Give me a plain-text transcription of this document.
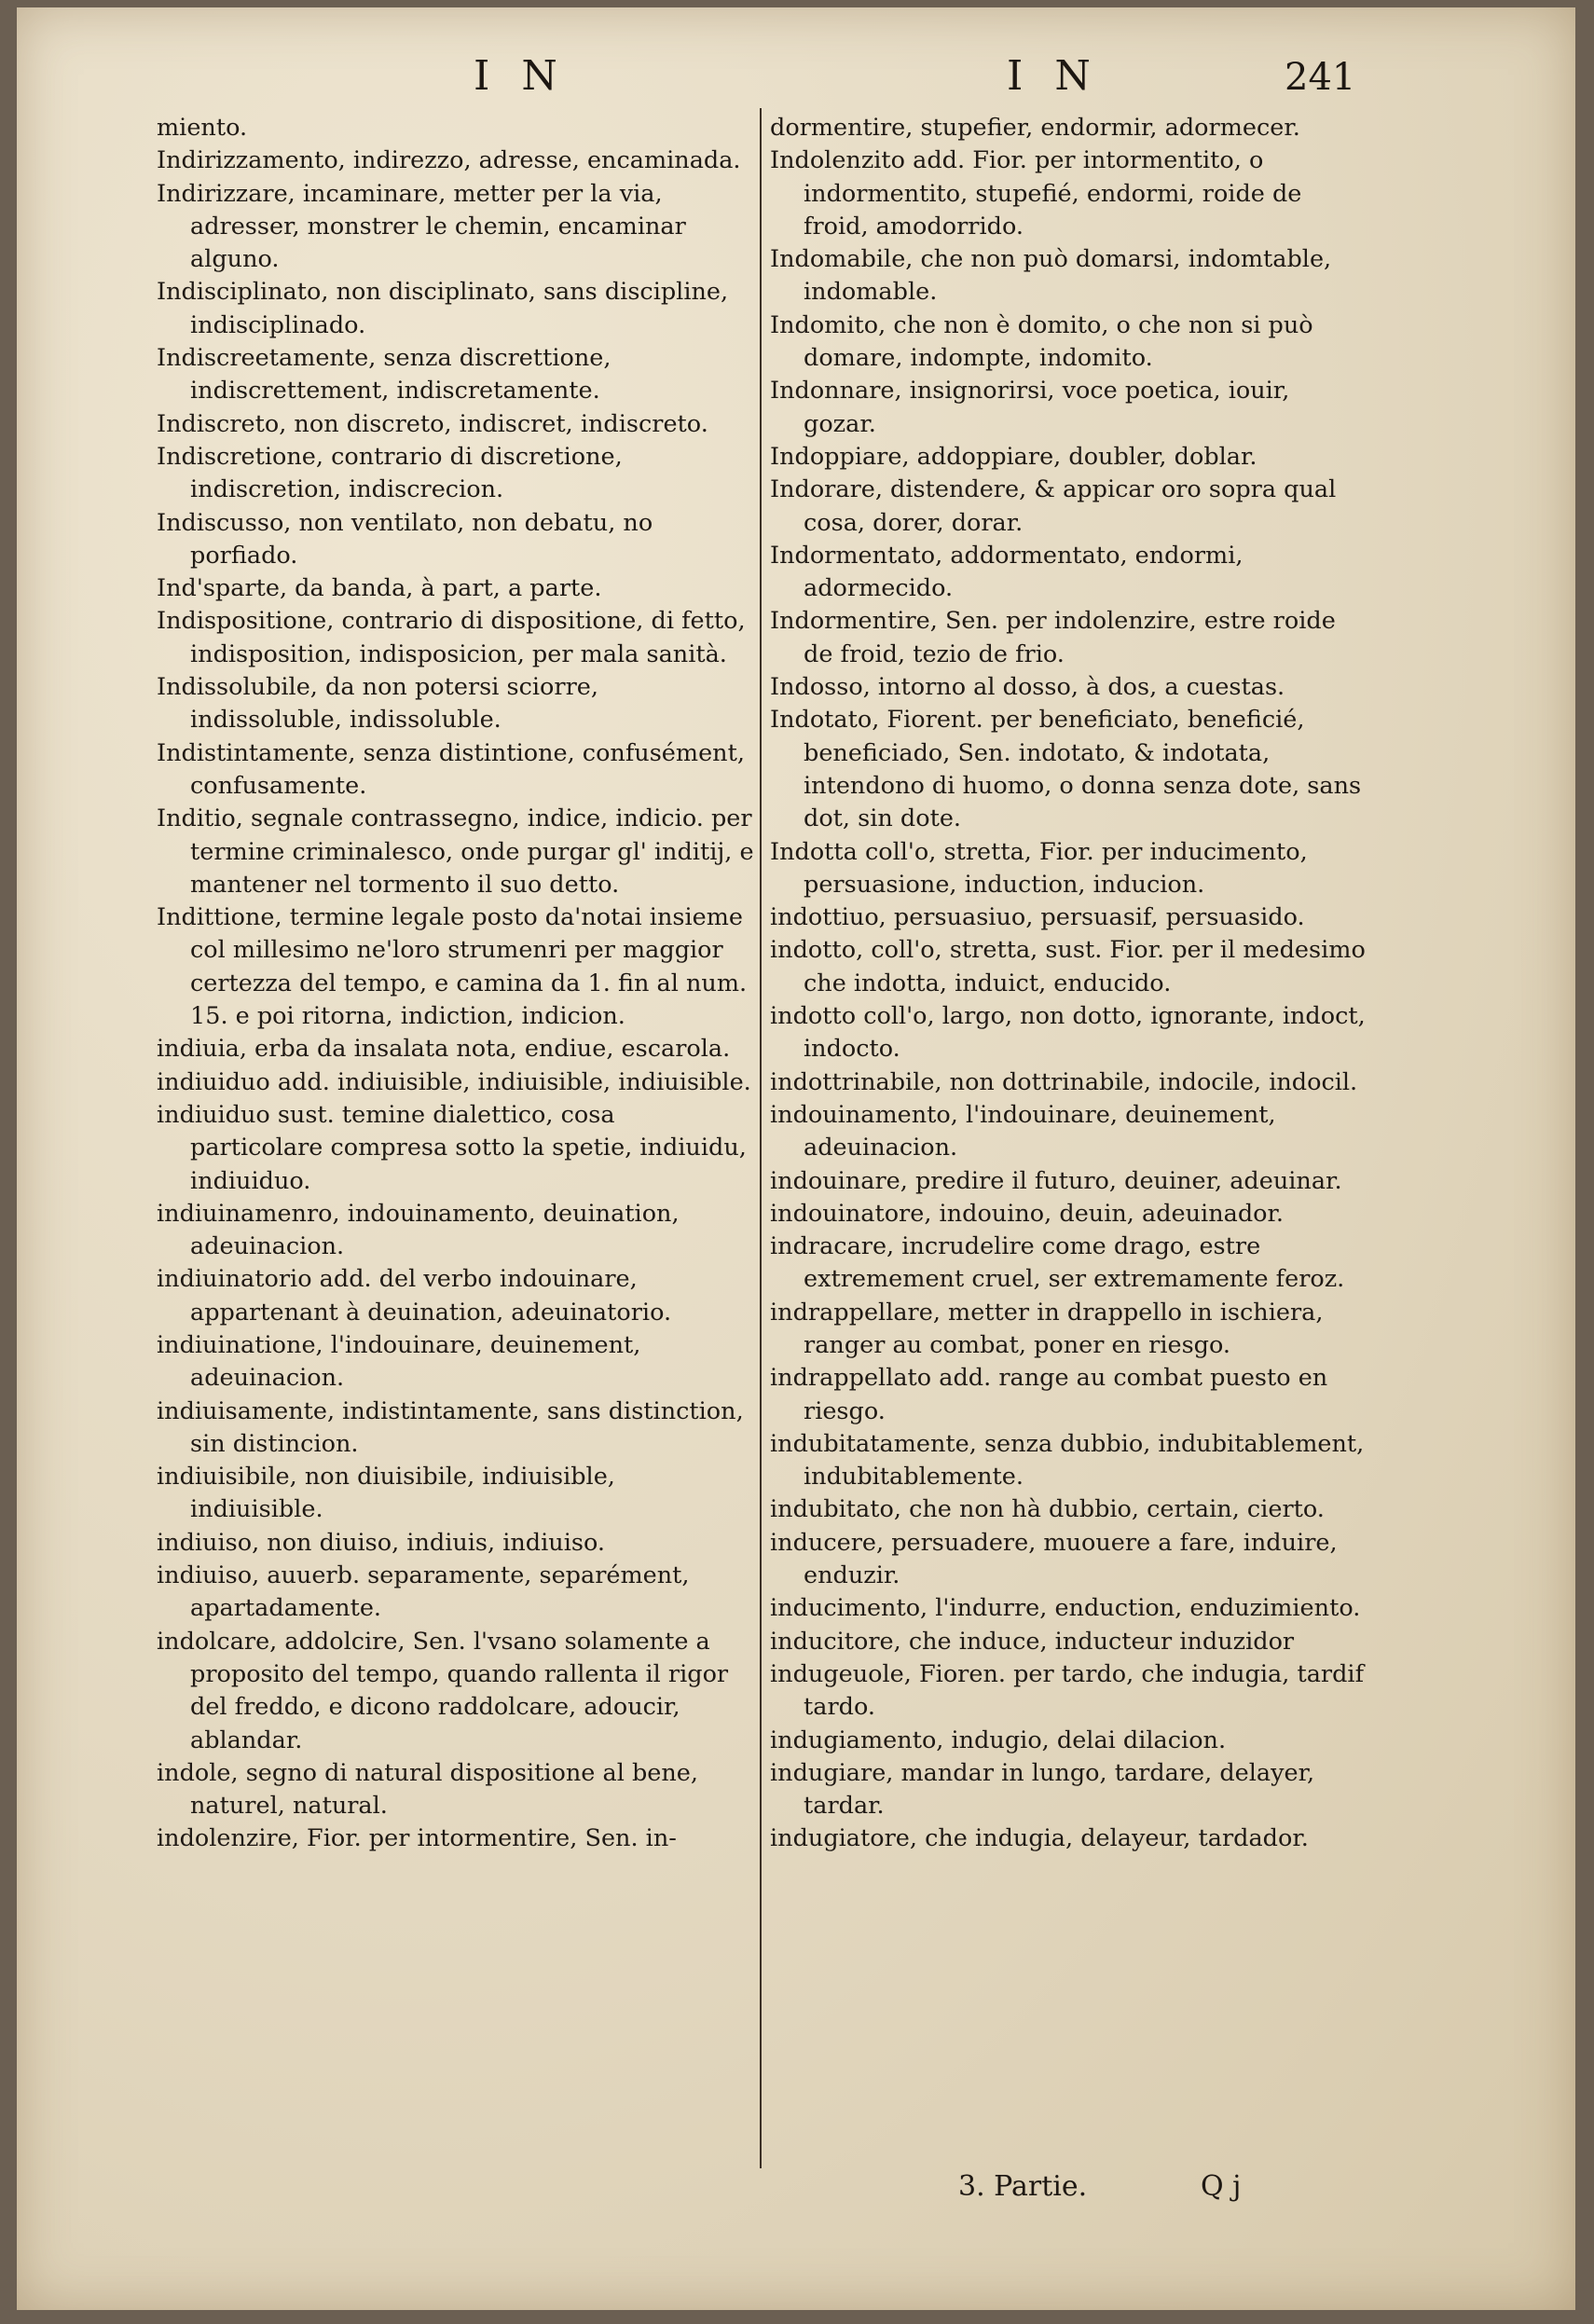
I N	I N	241
miento.
Indirizzamento, indirezzo, adresse, encaminada.
Indirizzare, incaminare, metter per la via, adresser, monstrer le chemin, encaminar alguno.
Indisciplinato, non disciplinato, sans discipline, indisciplinado.
Indiscreetamente, senza discrettione, indiscrettement, indiscretamente.
Indiscreto, non discreto, indiscret, indiscreto.
Indiscretione, contrario di discretione, indiscretion, indiscrecion.
Indiscusso, non ventilato, non debatu, no porfiado.
Ind'sparte, da banda, à part, a parte.
Indispositione, contrario di dispositione, di fetto, indisposition, indisposicion, per mala sanità.
Indissolubile, da non potersi sciorre, indissoluble, indissoluble.
Indistintamente, senza distintione, confusément, confusamente.
Inditio, segnale contrassegno, indice, indicio. per termine criminalesco, onde purgar gl' inditij, e mantener nel tormento il suo detto.
Indittione, termine legale posto da'notai insieme col millesimo ne'loro strumenri per maggior certezza del tempo, e camina da 1. fin al num. 15. e poi ritorna, indiction, indicion.
indiuia, erba da insalata nota, endiue, escarola.
indiuiduo add. indiuisible, indiuisible, indiuisible.
indiuiduo sust. temine dialettico, cosa particolare compresa sotto la spetie, indiuidu, indiuiduo.
indiuinamenro, indouinamento, deuination, adeuinacion.
indiuinatorio add. del verbo indouinare, appartenant à deuination, adeuinatorio.
indiuinatione, l'indouinare, deuinement, adeuinacion.
indiuisamente, indistintamente, sans distinction, sin distincion.
indiuisibile, non diuisibile, indiuisible, indiuisible.
indiuiso, non diuiso, indiuis, indiuiso.
indiuiso, auuerb. separamente, separément, apartadamente.
indolcare, addolcire, Sen. l'vsano solamente a proposito del tempo, quando rallenta il rigor del freddo, e dicono raddolcare, adoucir, ablandar.
indole, segno di natural dispositione al bene, naturel, natural.
indolenzire, Fior. per intormentire, Sen. in-
dormentire, stupefier, endormir, adormecer.
Indolenzito add. Fior. per intormentito, o indormentito, stupefié, endormi, roide de froid, amodorrido.
Indomabile, che non può domarsi, indomtable, indomable.
Indomito, che non è domito, o che non si può domare, indompte, indomito.
Indonnare, insignorirsi, voce poetica, iouir, gozar.
Indoppiare, addoppiare, doubler, doblar.
Indorare, distendere, & appicar oro sopra qual cosa, dorer, dorar.
Indormentato, addormentato, endormi, adormecido.
Indormentire, Sen. per indolenzire, estre roide de froid, tezio de frio.
Indosso, intorno al dosso, à dos, a cuestas.
Indotato, Fiorent. per beneficiato, beneficié, beneficiado, Sen. indotato, & indotata, intendono di huomo, o donna senza dote, sans dot, sin dote.
Indotta coll'o, stretta, Fior. per inducimento, persuasione, induction, inducion.
indottiuo, persuasiuo, persuasif, persuasido.
indotto, coll'o, stretta, sust. Fior. per il medesimo che indotta, induict, enducido.
indotto coll'o, largo, non dotto, ignorante, indoct, indocto.
indottrinabile, non dottrinabile, indocile, indocil.
indouinamento, l'indouinare, deuinement, adeuinacion.
indouinare, predire il futuro, deuiner, adeuinar.
indouinatore, indouino, deuin, adeuinador.
indracare, incrudelire come drago, estre extremement cruel, ser extremamente feroz.
indrappellare, metter in drappello in ischiera, ranger au combat, poner en riesgo.
indrappellato add. range au combat puesto en riesgo.
indubitatamente, senza dubbio, indubitablement, indubitablemente.
indubitato, che non hà dubbio, certain, cierto.
inducere, persuadere, muouere a fare, induire, enduzir.
inducimento, l'indurre, enduction, enduzimiento.
inducitore, che induce, inducteur induzidor
indugeuole, Fioren. per tardo, che indugia, tardif tardo.
indugiamento, indugio, delai dilacion.
indugiare, mandar in lungo, tardare, delayer, tardar.
indugiatore, che indugia, delayeur, tardador.
3. Partie.	Q j
